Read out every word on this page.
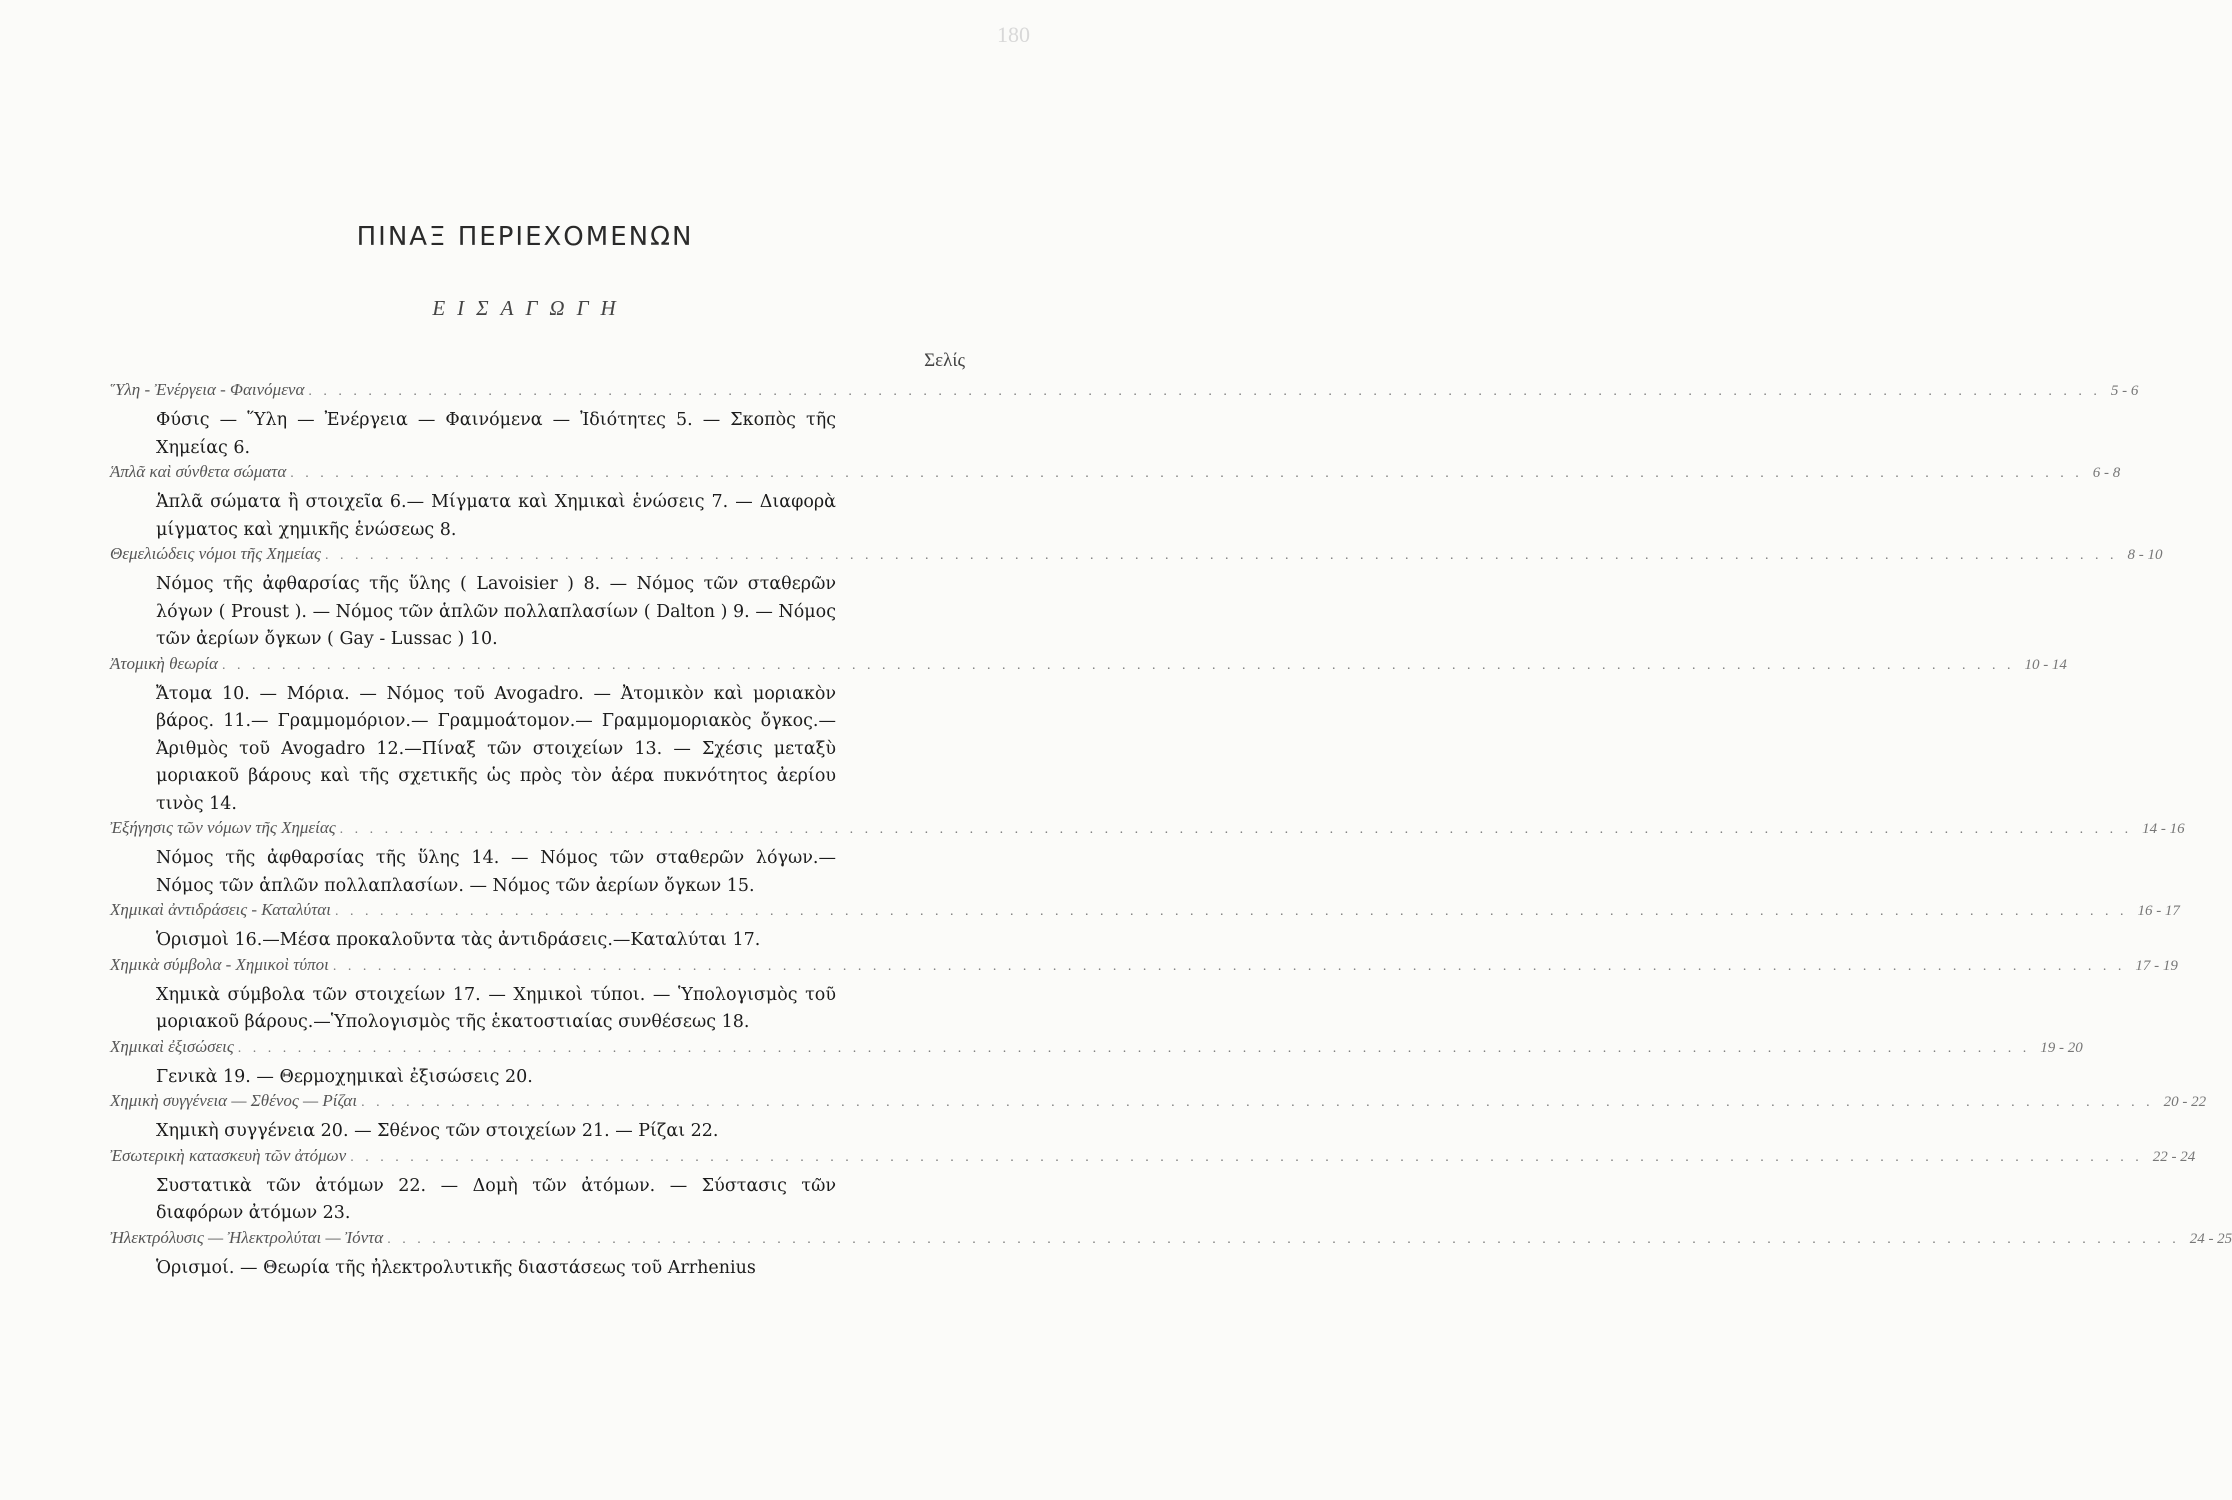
180
ΠΙΝΑΞ ΠΕΡΙΕΧΟΜΕΝΩΝ
ΕΙΣΑΓΩΓΗ
Σελίς
Ὕλη - Ἐνέργεια - Φαινόμενα . . . . . . . . . . . . . . . . . . . . . . . . . . . . . . . . . . . . . . . . . . . . . . . . . . . . . . . . . . . . . . . . . . . . . . . . . . . . . . . . . . . . . . . . . . . . . . . . . . . . . . . . . . . . . . . . . . . . . . . . 5 - 6
Φύσις — Ὕλη — Ἐνέργεια — Φαινόμενα — Ἰδιότητες 5. — Σκοπὸς τῆς Χημείας 6.
Ἁπλᾶ καὶ σύνθετα σώματα . . . . . . . . . . . . . . . . . . . . . . . . . . . . . . . . . . . . . . . . . . . . . . . . . . . . . . . . . . . . . . . . . . . . . . . . . . . . . . . . . . . . . . . . . . . . . . . . . . . . . . . . . . . . . . . . . . . . . . . . 6 - 8
Ἁπλᾶ σώματα ἢ στοιχεῖα 6.— Μίγματα καὶ Χημικαὶ ἑνώσεις 7. — Διαφορὰ μίγματος καὶ χημικῆς ἑνώσεως 8.
Θεμελιώδεις νόμοι τῆς Χημείας . . . . . . . . . . . . . . . . . . . . . . . . . . . . . . . . . . . . . . . . . . . . . . . . . . . . . . . . . . . . . . . . . . . . . . . . . . . . . . . . . . . . . . . . . . . . . . . . . . . . . . . . . . . . . . . . . . . . . . . . 8 - 10
Νόμος τῆς ἀφθαρσίας τῆς ὕλης ( Lavoisier ) 8. — Νόμος τῶν σταθερῶν λόγων ( Proust ). — Νόμος τῶν ἁπλῶν πολλαπλασίων ( Dalton ) 9. — Νόμος τῶν ἀερίων ὄγκων ( Gay - Lussac ) 10.
Ἀτομικὴ θεωρία . . . . . . . . . . . . . . . . . . . . . . . . . . . . . . . . . . . . . . . . . . . . . . . . . . . . . . . . . . . . . . . . . . . . . . . . . . . . . . . . . . . . . . . . . . . . . . . . . . . . . . . . . . . . . . . . . . . . . . . . 10 - 14
Ἄτομα 10. — Μόρια. — Νόμος τοῦ Avogadro. — Ἀτομικὸν καὶ μοριακὸν βάρος. 11.— Γραμμομόριον.— Γραμμοάτομον.— Γραμμομοριακὸς ὄγκος.—Ἀριθμὸς τοῦ Avogadro 12.—Πίναξ τῶν στοιχείων 13. — Σχέσις μεταξὺ μοριακοῦ βάρους καὶ τῆς σχετικῆς ὡς πρὸς τὸν ἀέρα πυκνότητος ἀερίου τινὸς 14.
Ἐξήγησις τῶν νόμων τῆς Χημείας . . . . . . . . . . . . . . . . . . . . . . . . . . . . . . . . . . . . . . . . . . . . . . . . . . . . . . . . . . . . . . . . . . . . . . . . . . . . . . . . . . . . . . . . . . . . . . . . . . . . . . . . . . . . . . . . . . . . . . . . 14 - 16
Νόμος τῆς ἀφθαρσίας τῆς ὕλης 14. — Νόμος τῶν σταθερῶν λόγων.— Νόμος τῶν ἁπλῶν πολλαπλασίων. — Νόμος τῶν ἀερίων ὄγκων 15.
Χημικαὶ ἀντιδράσεις - Καταλύται . . . . . . . . . . . . . . . . . . . . . . . . . . . . . . . . . . . . . . . . . . . . . . . . . . . . . . . . . . . . . . . . . . . . . . . . . . . . . . . . . . . . . . . . . . . . . . . . . . . . . . . . . . . . . . . . . . . . . . . . 16 - 17
Ὁρισμοὶ 16.—Μέσα προκαλοῦντα τὰς ἀντιδράσεις.—Καταλύται 17.
Χημικὰ σύμβολα - Χημικοὶ τύποι . . . . . . . . . . . . . . . . . . . . . . . . . . . . . . . . . . . . . . . . . . . . . . . . . . . . . . . . . . . . . . . . . . . . . . . . . . . . . . . . . . . . . . . . . . . . . . . . . . . . . . . . . . . . . . . . . . . . . . . . 17 - 19
Χημικὰ σύμβολα τῶν στοιχείων 17. — Χημικοὶ τύποι. — Ὑπολογισμὸς τοῦ μοριακοῦ βάρους.—Ὑπολογισμὸς τῆς ἑκατοστιαίας συνθέσεως 18.
Χημικαὶ ἐξισώσεις . . . . . . . . . . . . . . . . . . . . . . . . . . . . . . . . . . . . . . . . . . . . . . . . . . . . . . . . . . . . . . . . . . . . . . . . . . . . . . . . . . . . . . . . . . . . . . . . . . . . . . . . . . . . . . . . . . . . . . . . 19 - 20
Γενικὰ 19. — Θερμοχημικαὶ ἐξισώσεις 20.
Χημικὴ συγγένεια — Σθένος — Ρίζαι . . . . . . . . . . . . . . . . . . . . . . . . . . . . . . . . . . . . . . . . . . . . . . . . . . . . . . . . . . . . . . . . . . . . . . . . . . . . . . . . . . . . . . . . . . . . . . . . . . . . . . . . . . . . . . . . . . . . . . . . 20 - 22
Χημικὴ συγγένεια 20. — Σθένος τῶν στοιχείων 21. — Ρίζαι 22.
Ἐσωτερικὴ κατασκευὴ τῶν ἀτόμων . . . . . . . . . . . . . . . . . . . . . . . . . . . . . . . . . . . . . . . . . . . . . . . . . . . . . . . . . . . . . . . . . . . . . . . . . . . . . . . . . . . . . . . . . . . . . . . . . . . . . . . . . . . . . . . . . . . . . . . . 22 - 24
Συστατικὰ τῶν ἀτόμων 22. — Δομὴ τῶν ἀτόμων. — Σύστασις τῶν διαφόρων ἀτόμων 23.
Ἠλεκτρόλυσις — Ἠλεκτρολύται — Ἰόντα . . . . . . . . . . . . . . . . . . . . . . . . . . . . . . . . . . . . . . . . . . . . . . . . . . . . . . . . . . . . . . . . . . . . . . . . . . . . . . . . . . . . . . . . . . . . . . . . . . . . . . . . . . . . . . . . . . . . . . . . 24 - 25
Ὁρισμοί. — Θεωρία τῆς ἠλεκτρολυτικῆς διαστάσεως τοῦ Arrhenius
